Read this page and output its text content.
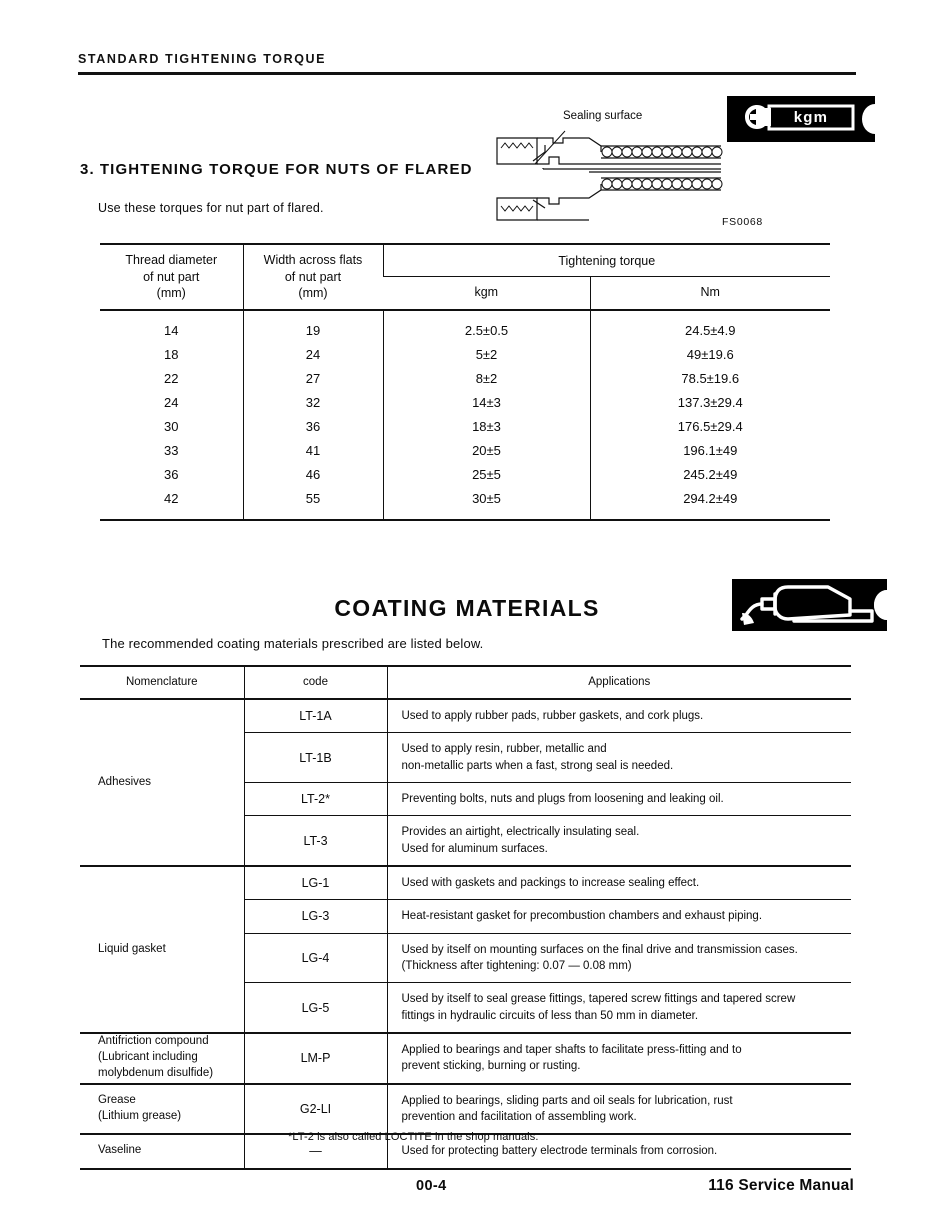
STANDARD TIGHTENING TORQUE
3. TIGHTENING TORQUE FOR NUTS OF FLARED
Use these torques for nut part of flared.
kgm
Sealing surface
FS0068
Thread diameter
of nut part
(mm)

Width across flats
of nut part
(mm)
	Tightening torque
		kgm	Nm

14	19	2.5±0.5	24.5±4.9
18	24	5±2	49±19.6
22	27	8±2	78.5±19.6
24	32	14±3	137.3±29.4
30	36	18±3	176.5±29.4
33	41	20±5	196.1±49
36	46	25±5	245.2±49
42	55	30±5	294.2±49

COATING MATERIALS
The recommended coating materials prescribed are listed below.
Nomenclature	code	Applications
Adhesives	LT-1A	Used to apply rubber pads, rubber gaskets, and cork plugs.
	LT-1B	Used to apply resin, rubber, metallic and
non-metallic parts when a fast, strong seal is needed.

	LT-2*	Preventing bolts, nuts and plugs from loosening and leaking oil.
	LT-3	Provides an airtight, electrically insulating seal.
Used for aluminum surfaces.

Liquid gasket	LG-1	Used with gaskets and packings to increase sealing effect.
	LG-3	Heat-resistant gasket for precombustion chambers and exhaust piping.
	LG-4	Used by itself on mounting surfaces on the final drive and transmission cases.
(Thickness after tightening: 0.07 — 0.08 mm)

	LG-5	Used by itself to seal grease fittings, tapered screw fittings and tapered screw
fittings in hydraulic circuits of less than 50 mm in diameter.

Antifriction compound
(Lubricant including
molybdenum disulfide)
	LM-P	Applied to bearings and taper shafts to facilitate press-fitting and to
prevent sticking, burning or rusting.

Grease
(Lithium grease)	G2-LI	Applied to bearings, sliding parts and oil seals for lubrication, rust
prevention and facilitation of assembling work.

Vaseline	—	Used for protecting battery electrode terminals from corrosion.
*LT-2 is also called LOCTITE in the shop manuals.
00-4	116 Service Manual
